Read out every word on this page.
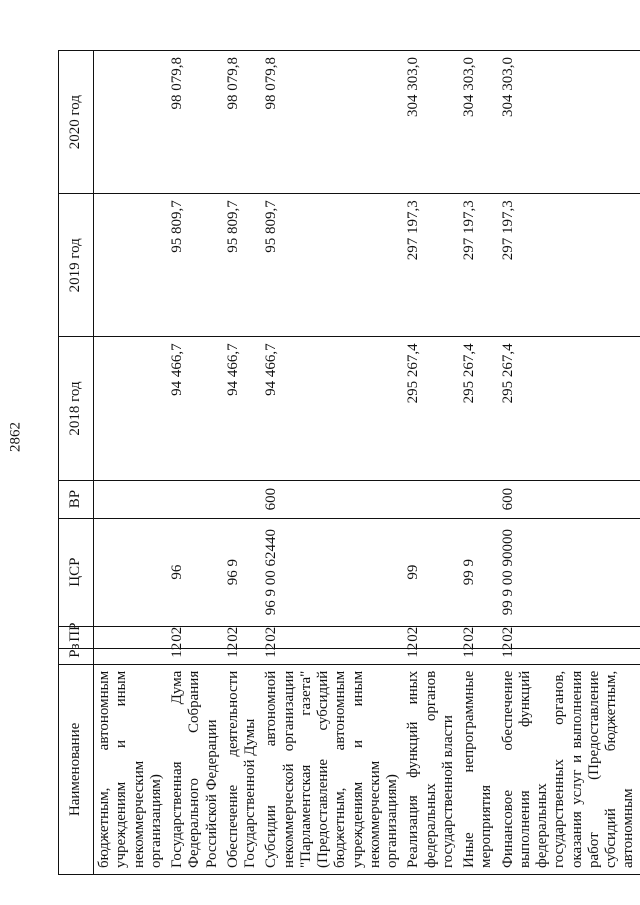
2862
Наименование	Рз	ПР	ЦСР	ВР	2018 год	2019 год	2020 год
бюджетным, автономным учреждениям и иным некоммерческим организациям)							
Государственная Дума Федерального Собрания Российской Федерации	12	02	96		94 466,7	95 809,7	98 079,8
Обеспечение деятельности Государственной Думы	12	02	96 9		94 466,7	95 809,7	98 079,8
Субсидии автономной некоммерческой организации "Парламентская газета" (Предоставление субсидий бюджетным, автономным учреждениям и иным некоммерческим организациям)	12	02	96 9 00 62440	600	94 466,7	95 809,7	98 079,8
Реализация функций иных федеральных органов государственной власти	12	02	99		295 267,4	297 197,3	304 303,0
Иные непрограммные мероприятия	12	02	99 9		295 267,4	297 197,3	304 303,0
Финансовое обеспечение выполнения функций федеральных государственных органов, оказания услуг и выполнения работ (Предоставление субсидий бюджетным, автономным	12	02	99 9 00 90000	600	295 267,4	297 197,3	304 303,0
